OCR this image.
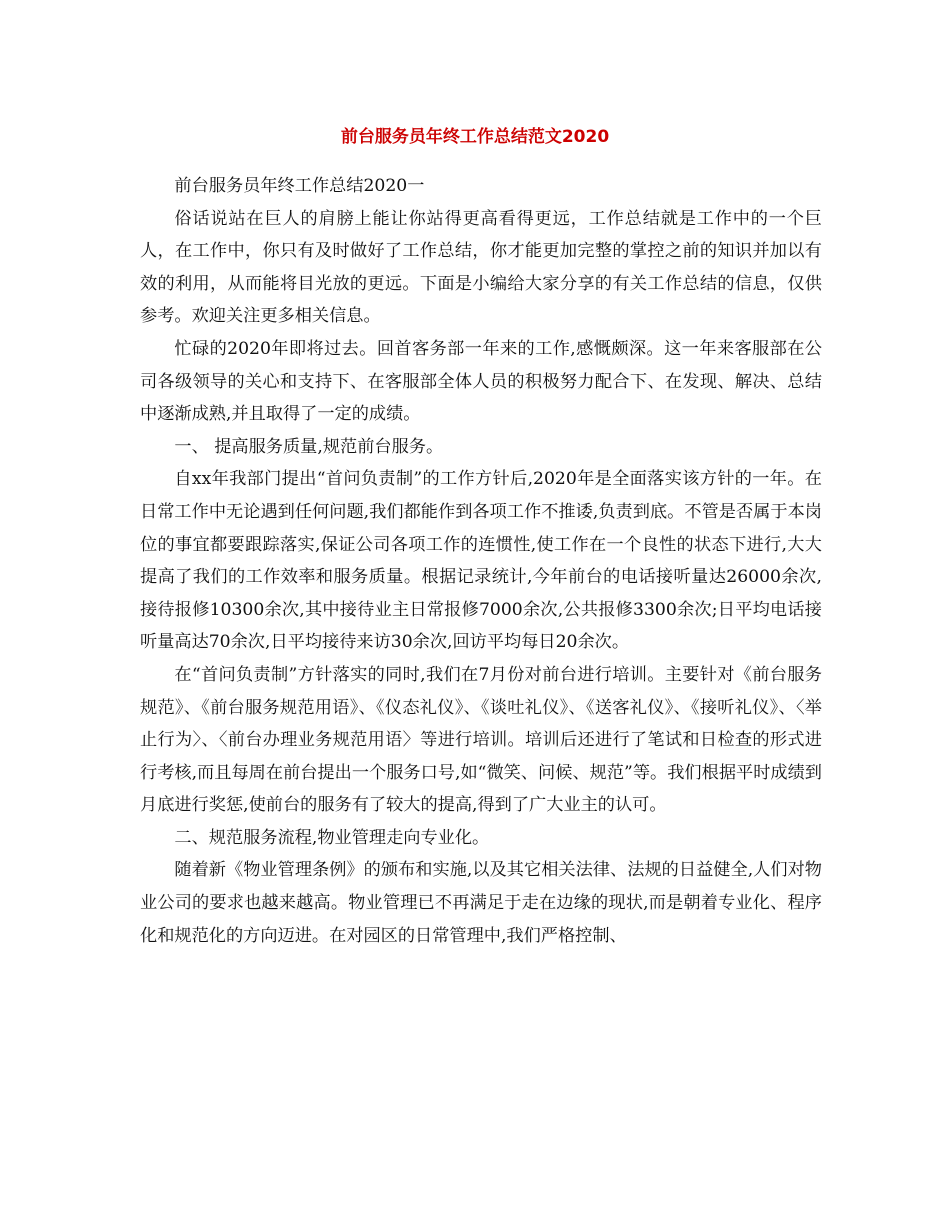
前台服务员年终工作总结范文2020

前台服务员年终工作总结2020一

俗话说站在巨人的肩膀上能让你站得更高看得更远，工作总结就是工作中的一个巨人，在工作中，你只有及时做好了工作总结，你才能更加完整的掌控之前的知识并加以有效的利用，从而能将目光放的更远。下面是小编给大家分享的有关工作总结的信息，仅供参考。欢迎关注更多相关信息。

忙碌的2020年即将过去。回首客务部一年来的工作,感慨颇深。这一年来客服部在公司各级领导的关心和支持下、在客服部全体人员的积极努力配合下、在发现、解决、总结中逐渐成熟,并且取得了一定的成绩。

一、 提高服务质量,规范前台服务。

自xx年我部门提出“首问负责制”的工作方针后,2020年是全面落实该方针的一年。在日常工作中无论遇到任何问题,我们都能作到各项工作不推诿,负责到底。不管是否属于本岗位的事宜都要跟踪落实,保证公司各项工作的连惯性,使工作在一个良性的状态下进行,大大提高了我们的工作效率和服务质量。根据记录统计,今年前台的电话接听量达26000余次,接待报修10300余次,其中接待业主日常报修7000余次,公共报修3300余次;日平均电话接听量高达70余次,日平均接待来访30余次,回访平均每日20余次。

在“首问负责制”方针落实的同时,我们在7月份对前台进行培训。主要针对《前台服务规范》、《前台服务规范用语》、《仪态礼仪》、《谈吐礼仪》、《送客礼仪》、《接听礼仪》、〈举止行为〉、〈前台办理业务规范用语〉等进行培训。培训后还进行了笔试和日检查的形式进行考核,而且每周在前台提出一个服务口号,如“微笑、问候、规范”等。我们根据平时成绩到月底进行奖惩,使前台的服务有了较大的提高,得到了广大业主的认可。

二、规范服务流程,物业管理走向专业化。

随着新《物业管理条例》的颁布和实施,以及其它相关法律、法规的日益健全,人们对物业公司的要求也越来越高。物业管理已不再满足于走在边缘的现状,而是朝着专业化、程序化和规范化的方向迈进。在对园区的日常管理中,我们严格控制、
